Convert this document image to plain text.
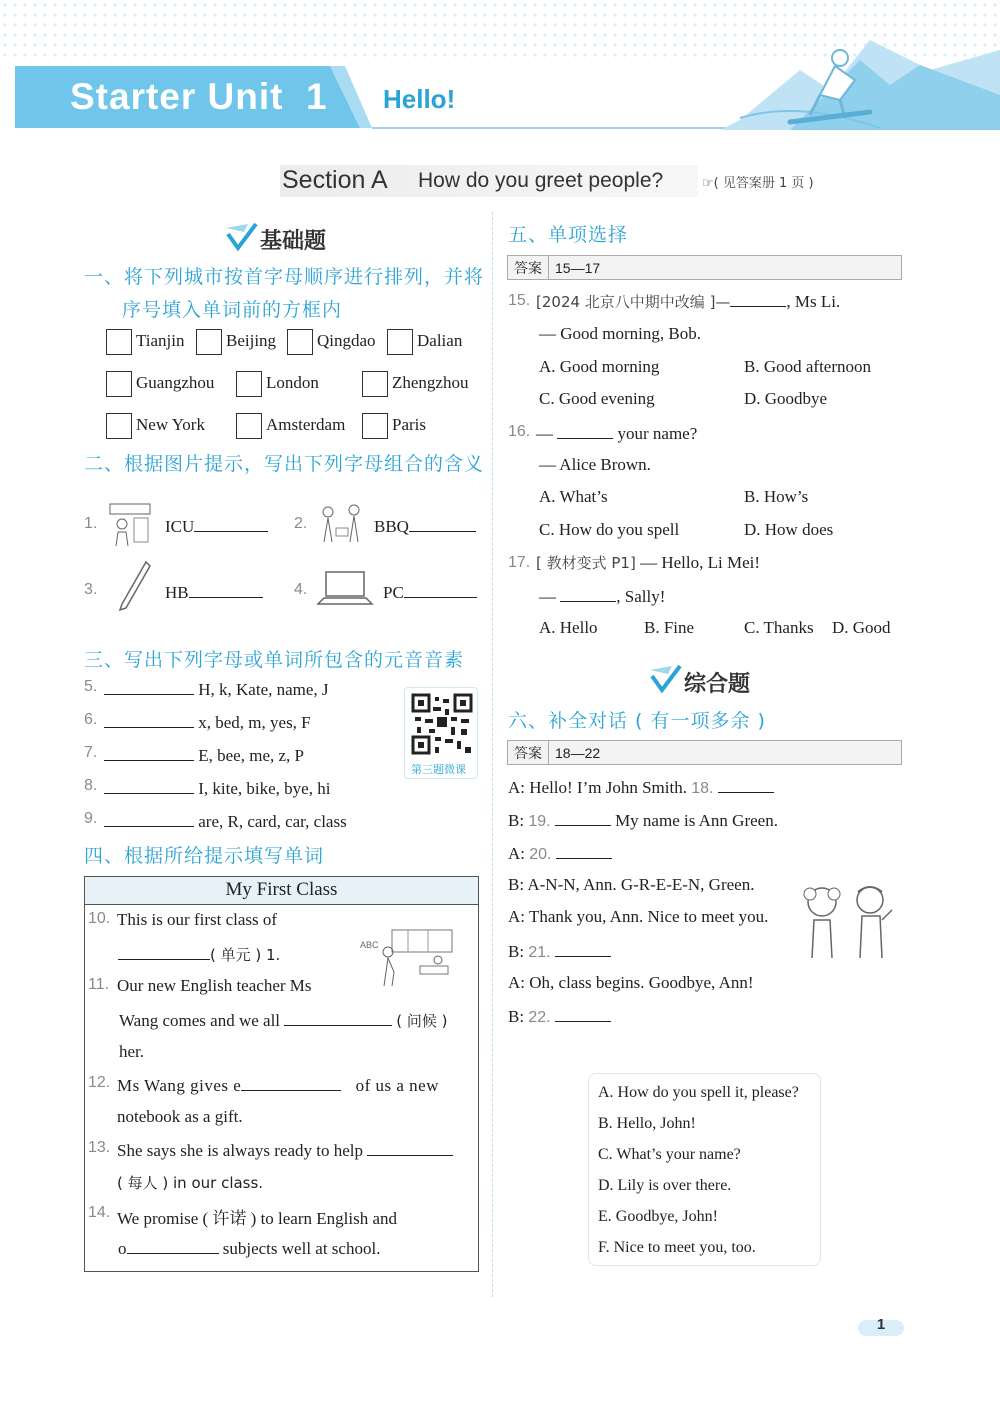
Starter Unit  1 Hello!
Section A How do you greet people?	☞( 见答案册 1 页 )
基础题
一、将下列城市按首字母顺序进行排列，并将
序号填入单词前的方框内
Tianjin	Beijing	Qingdao	Dalian
Guangzhou	London	Zhengzhou
New York	Amsterdam	Paris
二、根据图片提示，写出下列字母组合的含义
1.	ICU	2.	BBQ
3.	HB	4.	PC
三、写出下列字母或单词所包含的元音音素
5.	H, k, Kate, name, J
6.	x, bed, m, yes, F
7.	E, bee, me, z, P
8.	I, kite, bike, bye, hi
9.	are, R, card, car, class
第三题微课
四、根据所给提示填写单词
My First Class
ABC
10. This is our first class of
( 单元 ) 1.
11. Our new English teacher Ms
Wang comes and we all	( 问候 )
her.
12. Ms Wang gives e	of us a new
notebook as a gift.
13. She says she is always ready to help
( 每人 ) in our class.
14. We promise ( 许诺 ) to learn English and
o	subjects well at school.
五、单项选择
答案 15—17
15. [2024 北京八中期中改编 ]—	, Ms Li.
— Good morning, Bob.
A. Good morning	B. Good afternoon
C. Good evening	D. Goodbye
16. —	your name?
— Alice Brown.
A. What’s	B. How’s
C. How do you spell	D. How does
17. [ 教材变式 P1] — Hello, Li Mei!
—	, Sally!
A. Hello	B. Fine	C. Thanks D. Good
综合题
六、补全对话 ( 有一项多余 )
答案 18—22
A: Hello! I’m John Smith. 18.
B: 19.	My name is Ann Green.
A: 20.
B: A-N-N, Ann. G-R-E-E-N, Green.
A: Thank you, Ann. Nice to meet you.
B: 21.
A: Oh, class begins. Goodbye, Ann!
B: 22.
A. How do you spell it, please?
B. Hello, John!
C. What’s your name?
D. Lily is over there.
E. Goodbye, John!
F. Nice to meet you, too.
1
